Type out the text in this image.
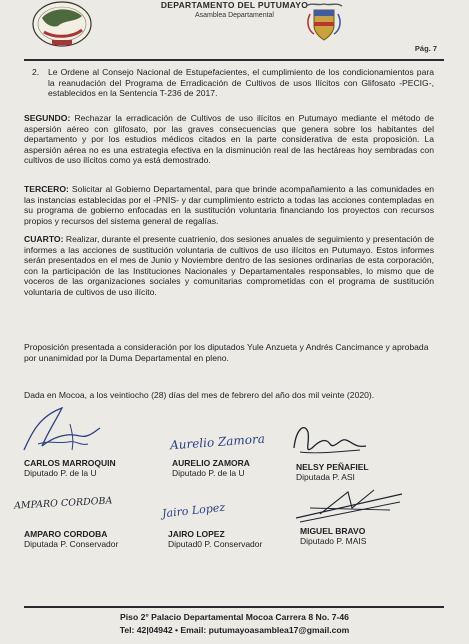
DEPARTAMENTO DEL PUTUMAYO
Asamblea Departamental
Pág. 7
2.	Le Ordene al Consejo Nacional de Estupefacientes, el cumplimiento de los condicionamientos para la reanudación del Programa de Erradicación de Cultivos de usos Ilícitos con Glifosato -PECIG-, establecidos en la Sentencia T-236 de 2017.
SEGUNDO: Rechazar la erradicación de Cultivos de uso ilícitos en Putumayo mediante el método de aspersión aéreo con glifosato, por las graves consecuencias que genera sobre los habitantes del departamento y por los estudios médicos citados en la parte considerativa de esta proposición. La aspersión aérea no es una estrategia efectiva en la disminución real de las hectáreas hoy sembradas con cultivos de uso ilícitos como ya está demostrado.
TERCERO: Solicitar al Gobierno Departamental, para que brinde acompañamiento a las comunidades en las instancias establecidas por el -PNIS- y dar cumplimiento estricto a todas las acciones contempladas en su programa de gobierno enfocadas en la sustitución voluntaria financiando los proyectos con recursos propios y recursos del sistema general de regalías.
CUARTO: Realizar, durante el presente cuatrienio, dos sesiones anuales de seguimiento y presentación de informes a las acciones de sustitución voluntaria de cultivos de uso ilícitos en Putumayo. Estos informes serán presentados en el mes de Junio y Noviembre dentro de las sesiones ordinarias de esta corporación, con la participación de las Instituciones Nacionales y Departamentales responsables, lo mismo que de voceros de las organizaciones sociales y comunitarias comprometidas con el programa de sustitución voluntaria de cultivos de uso ilícito.
Proposición presentada a consideración por los diputados Yule Anzueta y Andrés Cancimance y aprobada por unanimidad por la Duma Departamental en pleno.
Dada en Mocoa, a los veintiocho (28) días del mes de febrero del año dos mil veinte (2020).
Aurelio Zamora
AMPARO CORDOBA	Jairo Lopez
CARLOS MARROQUIN
Diputado P. de la U
AURELIO ZAMORA
Diputado P. de la U
NELSY PEÑAFIEL
Diputada P. ASI
AMPARO CORDOBA
Diputada P. Conservador
JAIRO LOPEZ
Diputad0 P. Conservador
MIGUEL BRAVO
Diputado P. MAIS
Piso 2° Palacio Departamental Mocoa Carrera 8 No. 7-46
Tel: 42|04942 • Email: putumayoasamblea17@gmail.com
